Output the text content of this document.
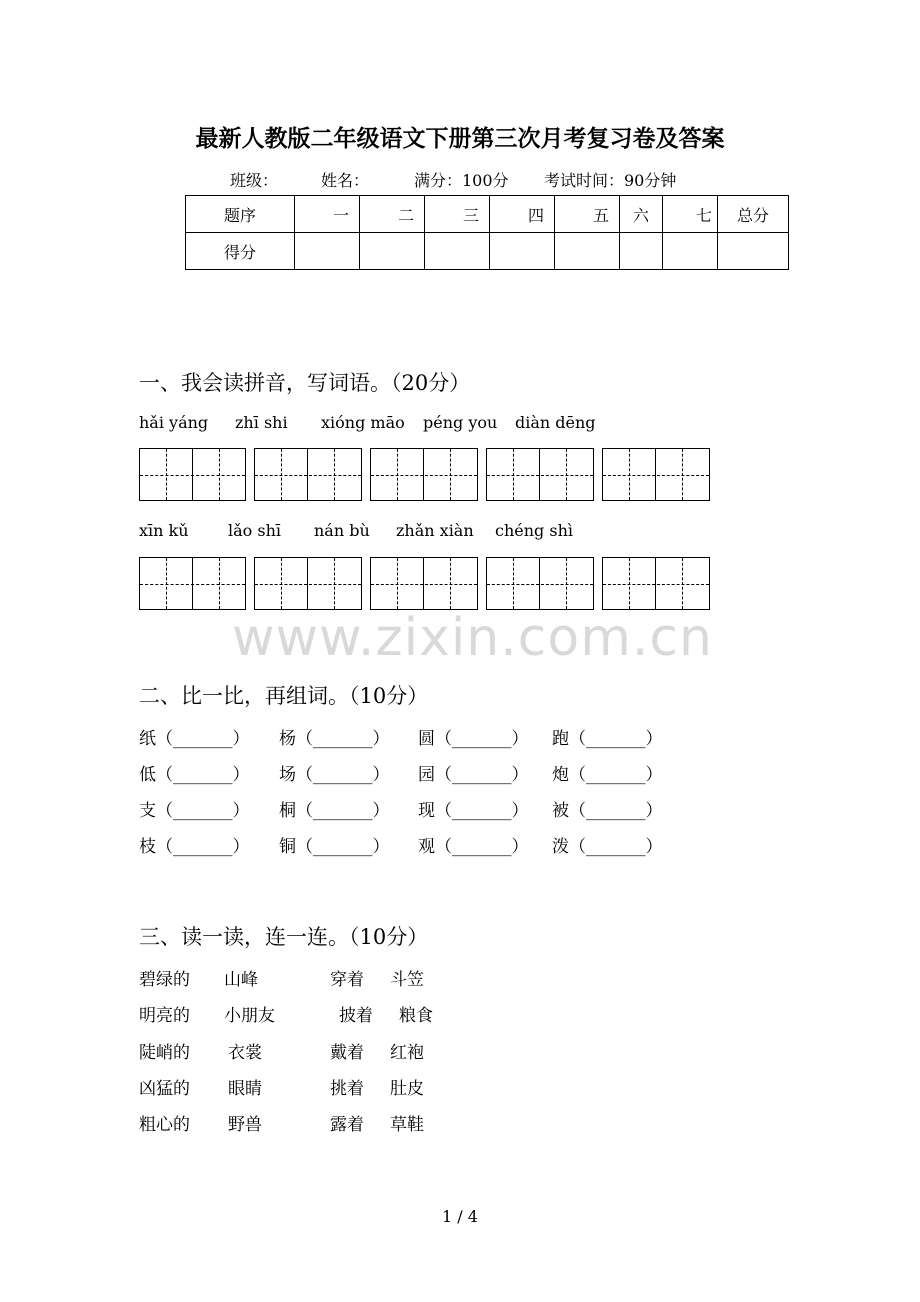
最新人教版二年级语文下册第三次月考复习卷及答案
班级：	姓名：	满分：100分 考试时间：90分钟
题序	一	二	三	四	五	六	七	总分
得分								
一、我会读拼音，写词语。（20分）
hǎi yáng zhī shi xióng māo péng you diàn dēng
xīn kǔ lǎo shī nán bù zhǎn xiàn chéng shì
www.zixin.com.cn
二、比一比，再组词。（10分）
纸（_______） 杨（_______） 圆（_______） 跑（_______）
低（_______） 场（_______） 园（_______） 炮（_______）
支（_______） 桐（_______） 现（_______） 被（_______）
枝（_______） 铜（_______） 观（_______） 泼（_______）
三、读一读，连一连。（10分）
碧绿的 山峰	穿着 斗笠
明亮的 小朋友	披着 粮食
陡峭的 衣裳	戴着 红袍
凶猛的 眼睛	挑着 肚皮
粗心的 野兽	露着 草鞋
1 / 4
